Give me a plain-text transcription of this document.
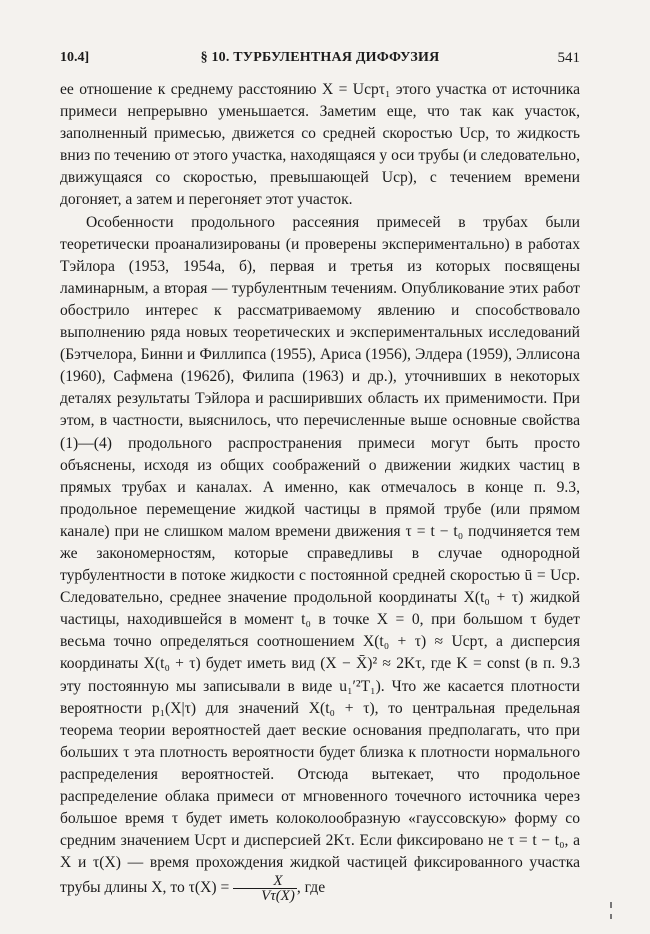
10.4]	§ 10. ТУРБУЛЕНТНАЯ ДИФФУЗИЯ	541

ее отношение к среднему расстоянию X = Uсрτ₁ этого участка от источника примеси непрерывно уменьшается. Заметим еще, что так как участок, заполненный примесью, движется со средней скоростью Uср, то жидкость вниз по течению от этого участка, находящаяся у оси трубы (и следовательно, движущаяся со скоростью, превышающей Uср), с течением времени догоняет, а затем и перегоняет этот участок.

Особенности продольного рассеяния примесей в трубах были теоретически проанализированы (и проверены экспериментально) в работах Тэйлора (1953, 1954а, б), первая и третья из которых посвящены ламинарным, а вторая — турбулентным течениям. Опубликование этих работ обострило интерес к рассматриваемому явлению и способствовало выполнению ряда новых теоретических и экспериментальных исследований (Бэтчелора, Бинни и Филлипса (1955), Ариса (1956), Элдера (1959), Эллисона (1960), Сафмена (1962б), Филипа (1963) и др.), уточнивших в некоторых деталях результаты Тэйлора и расширивших область их применимости. При этом, в частности, выяснилось, что перечисленные выше основные свойства (1)—(4) продольного распространения примеси могут быть просто объяснены, исходя из общих соображений о движении жидких частиц в прямых трубах и каналах. А именно, как отмечалось в конце п. 9.3, продольное перемещение жидкой частицы в прямой трубе (или прямом канале) при не слишком малом времени движения τ = t − t₀ подчиняется тем же закономерностям, которые справедливы в случае однородной турбулентности в потоке жидкости с постоянной средней скоростью ū = Uср. Следовательно, среднее значение продольной координаты X(t₀ + τ) жидкой частицы, находившейся в момент t₀ в точке X = 0, при большом τ будет весьма точно определяться соотношением X(t₀ + τ) ≈ Uсрτ, а дисперсия координаты X(t₀ + τ) будет иметь вид (X − X̄)² ≈ 2Kτ, где K = const (в п. 9.3 эту постоянную мы записывали в виде u₁′²T₁). Что же касается плотности вероятности p₁(X|τ) для значений X(t₀ + τ), то центральная предельная теорема теории вероятностей дает веские основания предполагать, что при больших τ эта плотность вероятности будет близка к плотности нормального распределения вероятностей. Отсюда вытекает, что продольное распределение облака примеси от мгновенного точечного источника через большое время τ будет иметь колоколообразную «гауссовскую» форму со средним значением Uсрτ и дисперсией 2Kτ. Если фиксировано не τ = t − t₀, а X и τ(X) — время прохождения жидкой частицей фиксированного участка трубы длины X, то $\tau(X) = \frac{X}{V\tau(X)}$ , где
